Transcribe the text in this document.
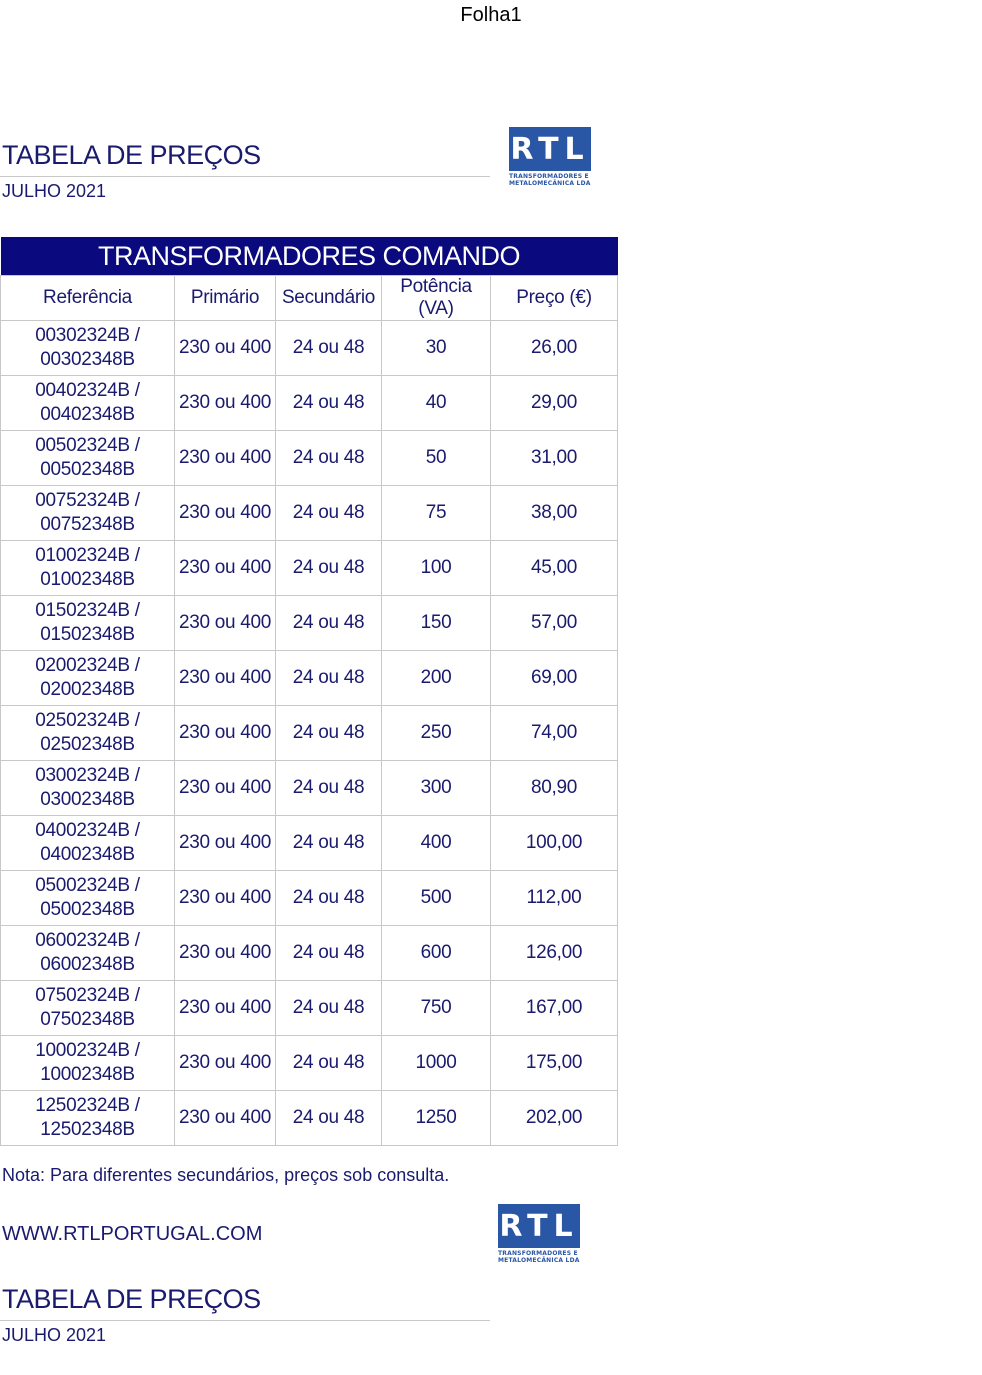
Folha1
TABELA DE PREÇOS
JULHO 2021
RTL
TRANSFORMADORES E
METALOMECÂNICA LDA
TRANSFORMADORES COMANDO				
Referência	Primário	Secundário	Potência (VA)	Preço (€)

00302324B /
00302348B	230 ou 400	24 ou 48	30	26,00

00402324B /
00402348B	230 ou 400	24 ou 48	40	29,00

00502324B /
00502348B	230 ou 400	24 ou 48	50	31,00

00752324B /
00752348B	230 ou 400	24 ou 48	75	38,00

01002324B /
01002348B	230 ou 400	24 ou 48	100	45,00

01502324B /
01502348B	230 ou 400	24 ou 48	150	57,00

02002324B /
02002348B	230 ou 400	24 ou 48	200	69,00

02502324B /
02502348B	230 ou 400	24 ou 48	250	74,00

03002324B /
03002348B	230 ou 400	24 ou 48	300	80,90

04002324B /
04002348B	230 ou 400	24 ou 48	400	100,00

05002324B /
05002348B	230 ou 400	24 ou 48	500	112,00

06002324B /
06002348B	230 ou 400	24 ou 48	600	126,00

07502324B /
07502348B	230 ou 400	24 ou 48	750	167,00

10002324B /
10002348B	230 ou 400	24 ou 48	1000	175,00

12502324B /
12502348B	230 ou 400	24 ou 48	1250	202,00
Nota: Para diferentes secundários, preços sob consulta.
WWW.RTLPORTUGAL.COM	RTL
TRANSFORMADORES E
METALOMECÂNICA LDA
TABELA DE PREÇOS
JULHO 2021
